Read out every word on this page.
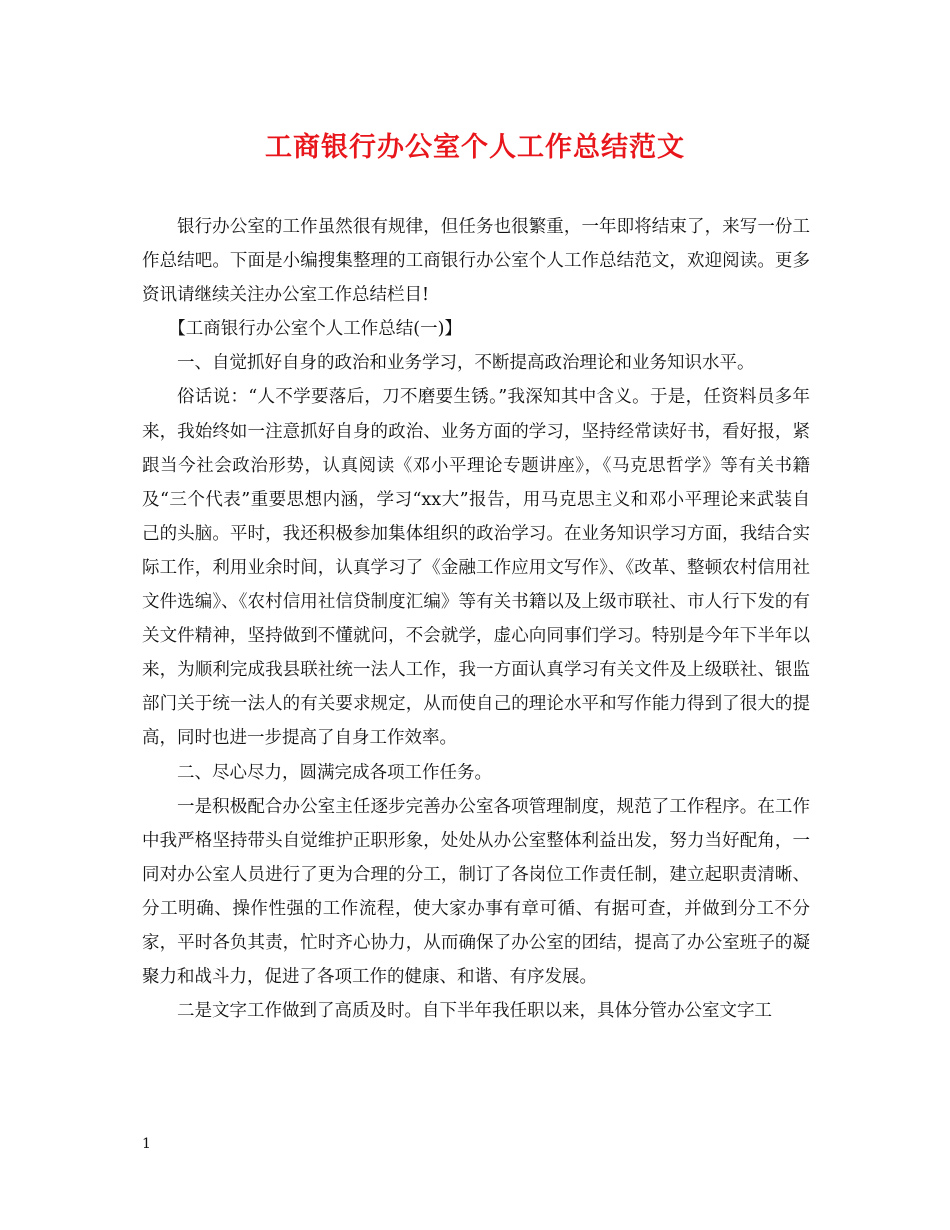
工商银行办公室个人工作总结范文

银行办公室的工作虽然很有规律，但任务也很繁重，一年即将结束了，来写一份工作总结吧。下面是小编搜集整理的工商银行办公室个人工作总结范文，欢迎阅读。更多资讯请继续关注办公室工作总结栏目!

【工商银行办公室个人工作总结(一)】

一、自觉抓好自身的政治和业务学习，不断提高政治理论和业务知识水平。

俗话说：“人不学要落后，刀不磨要生锈。”我深知其中含义。于是，任资料员多年来，我始终如一注意抓好自身的政治、业务方面的学习，坚持经常读好书，看好报，紧跟当今社会政治形势，认真阅读《邓小平理论专题讲座》，《马克思哲学》等有关书籍及“三个代表”重要思想内涵，学习“xx大”报告，用马克思主义和邓小平理论来武装自己的头脑。平时，我还积极参加集体组织的政治学习。在业务知识学习方面，我结合实际工作，利用业余时间，认真学习了《金融工作应用文写作》、《改革、整顿农村信用社文件选编》、《农村信用社信贷制度汇编》等有关书籍以及上级市联社、市人行下发的有关文件精神，坚持做到不懂就问，不会就学，虚心向同事们学习。特别是今年下半年以来，为顺利完成我县联社统一法人工作，我一方面认真学习有关文件及上级联社、银监部门关于统一法人的有关要求规定，从而使自己的理论水平和写作能力得到了很大的提高，同时也进一步提高了自身工作效率。

二、尽心尽力，圆满完成各项工作任务。

一是积极配合办公室主任逐步完善办公室各项管理制度，规范了工作程序。在工作中我严格坚持带头自觉维护正职形象，处处从办公室整体利益出发，努力当好配角，一同对办公室人员进行了更为合理的分工，制订了各岗位工作责任制，建立起职责清晰、分工明确、操作性强的工作流程，使大家办事有章可循、有据可查，并做到分工不分家，平时各负其责，忙时齐心协力，从而确保了办公室的团结，提高了办公室班子的凝聚力和战斗力，促进了各项工作的健康、和谐、有序发展。

二是文字工作做到了高质及时。自下半年我任职以来，具体分管办公室文字工

1
